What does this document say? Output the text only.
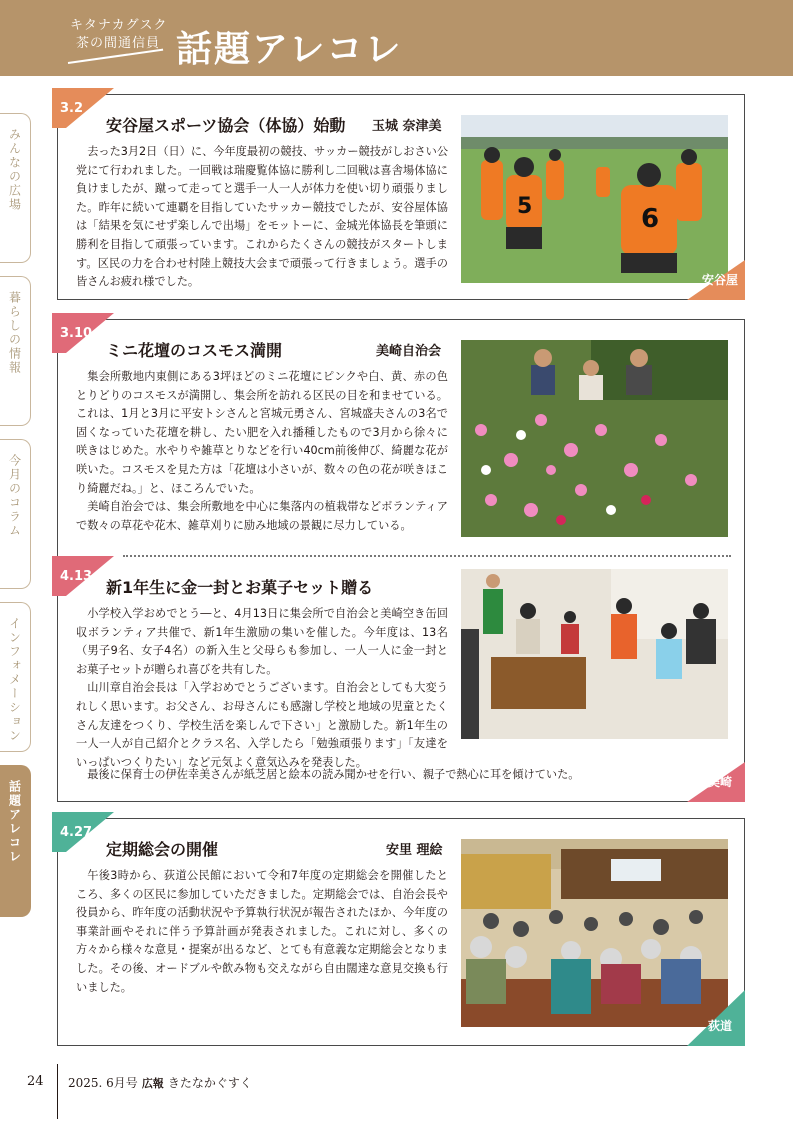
キタナカグスク
茶の間通信員 話題アレコレ
みんなの広場
暮らしの情報
今月のコラム
インフォメーション
話題アレコレ
3.2
安谷屋スポーツ協会（体協）始動 玉城 奈津美

去った3月2日（日）に、今年度最初の競技、サッカー競技がしおさい公党にて行われました。一回戦は瑞慶覧体協に勝利し二回戦は喜舎場体協に負けましたが、蹴って走ってと選手一人一人が体力を使い切り頑張りました。昨年に続いて連覇を目指していたサッカー競技でしたが、安谷屋体協は「結果を気にせず楽しんで出場」をモットーに、金城光体協長を筆頭に勝利を目指して頑張っています。これからたくさんの競技がスタートします。区民の力を合わせ村陸上競技大会まで頑張って行きましょう。選手の皆さんお疲れ様でした。

5	6
安谷屋
3.10
ミニ花壇のコスモス満開	美崎自治会

集会所敷地内東側にある3坪ほどのミニ花壇にピンクや白、黄、赤の色とりどりのコスモスが満開し、集会所を訪れる区民の目を和ませている。これは、1月と3月に平安トシさんと宮城元勇さん、宮城盛夫さんの3名で固くなっていた花壇を耕し、たい肥を入れ播種したもので3月から徐々に咲きはじめた。水やりや雑草とりなどを行い40cm前後伸び、綺麗な花が咲いた。コスモスを見た方は「花壇は小さいが、数々の色の花が咲きほこり綺麗だね。」と、ほころんでいた。

美崎自治会では、集会所敷地を中心に集落内の植栽帯などボランティアで数々の草花や花木、雑草刈りに励み地域の景観に尽力している。

4.13
新1年生に金一封とお菓子セット贈る

小学校入学おめでとう―と、4月13日に集会所で自治会と美崎空き缶回収ボランティア共催で、新1年生激励の集いを催した。今年度は、13名（男子9名、女子4名）の新入生と父母らも参加し、一人一人に金一封とお菓子セットが贈られ喜びを共有した。

山川章自治会長は「入学おめでとうございます。自治会としても大変うれしく思います。お父さん、お母さんにも感謝し学校と地域の児童とたくさん友達をつくり、学校生活を楽しんで下さい」と激励した。新1年生の一人一人が自己紹介とクラス名、入学したら「勉強頑張ります」「友達をいっぱいつくりたい」など元気よく意気込みを発表した。

最後に保育士の伊佐幸美さんが紙芝居と絵本の読み聞かせを行い、親子で熱心に耳を傾けていた。

美崎
4.27
定期総会の開催	安里 理絵

午後3時から、荻道公民館において令和7年度の定期総会を開催したところ、多くの区民に参加していただきました。定期総会では、自治会長や役員から、昨年度の活動状況や予算執行状況が報告されたほか、今年度の事業計画やそれに伴う予算計画が発表されました。これに対し、多くの方々から様々な意見・提案が出るなど、とても有意義な定期総会となりました。その後、オードブルや飲み物も交えながら自由闊達な意見交換も行いました。

荻道
24 2025. 6月号 広報 きたなかぐすく
